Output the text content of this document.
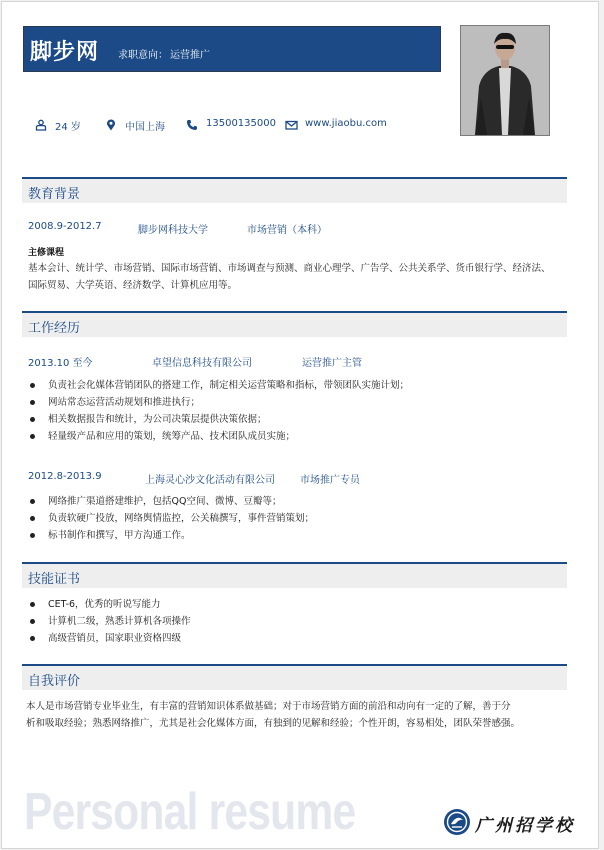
脚步网 求职意向： 运营推广
24 岁	中国上海	13500135000	www.jiaobu.com
教育背景
2008.9-2012.7	脚步网科技大学	市场营销（本科）
主修课程
基本会计、统计学、市场营销、国际市场营销、市场调查与预测、商业心理学、广告学、公共关系学、货币银行学、经济法、
国际贸易、大学英语、经济数学、计算机应用等。
工作经历
2013.10 至今	卓望信息科技有限公司	运营推广主管
负责社会化媒体营销团队的搭建工作，制定相关运营策略和指标，带领团队实施计划；
网站常态运营活动规划和推进执行；
相关数据报告和统计，为公司决策层提供决策依据；
轻量级产品和应用的策划，统筹产品、技术团队成员实施；
2012.8-2013.9	上海灵心沙文化活动有限公司	市场推广专员
网络推广渠道搭建维护，包括QQ空间、微博、豆瓣等；
负责软硬广投放，网络舆情监控，公关稿撰写，事件营销策划；
标书制作和撰写，甲方沟通工作。
技能证书
CET-6，优秀的听说写能力
计算机二级，熟悉计算机各项操作
高级营销员，国家职业资格四级
自我评价
本人是市场营销专业毕业生，有丰富的营销知识体系做基础；对于市场营销方面的前沿和动向有一定的了解，善于分
析和吸取经验；熟悉网络推广，尤其是社会化媒体方面，有独到的见解和经验；个性开朗，容易相处，团队荣誉感强。
Personal resume	广州招学校
